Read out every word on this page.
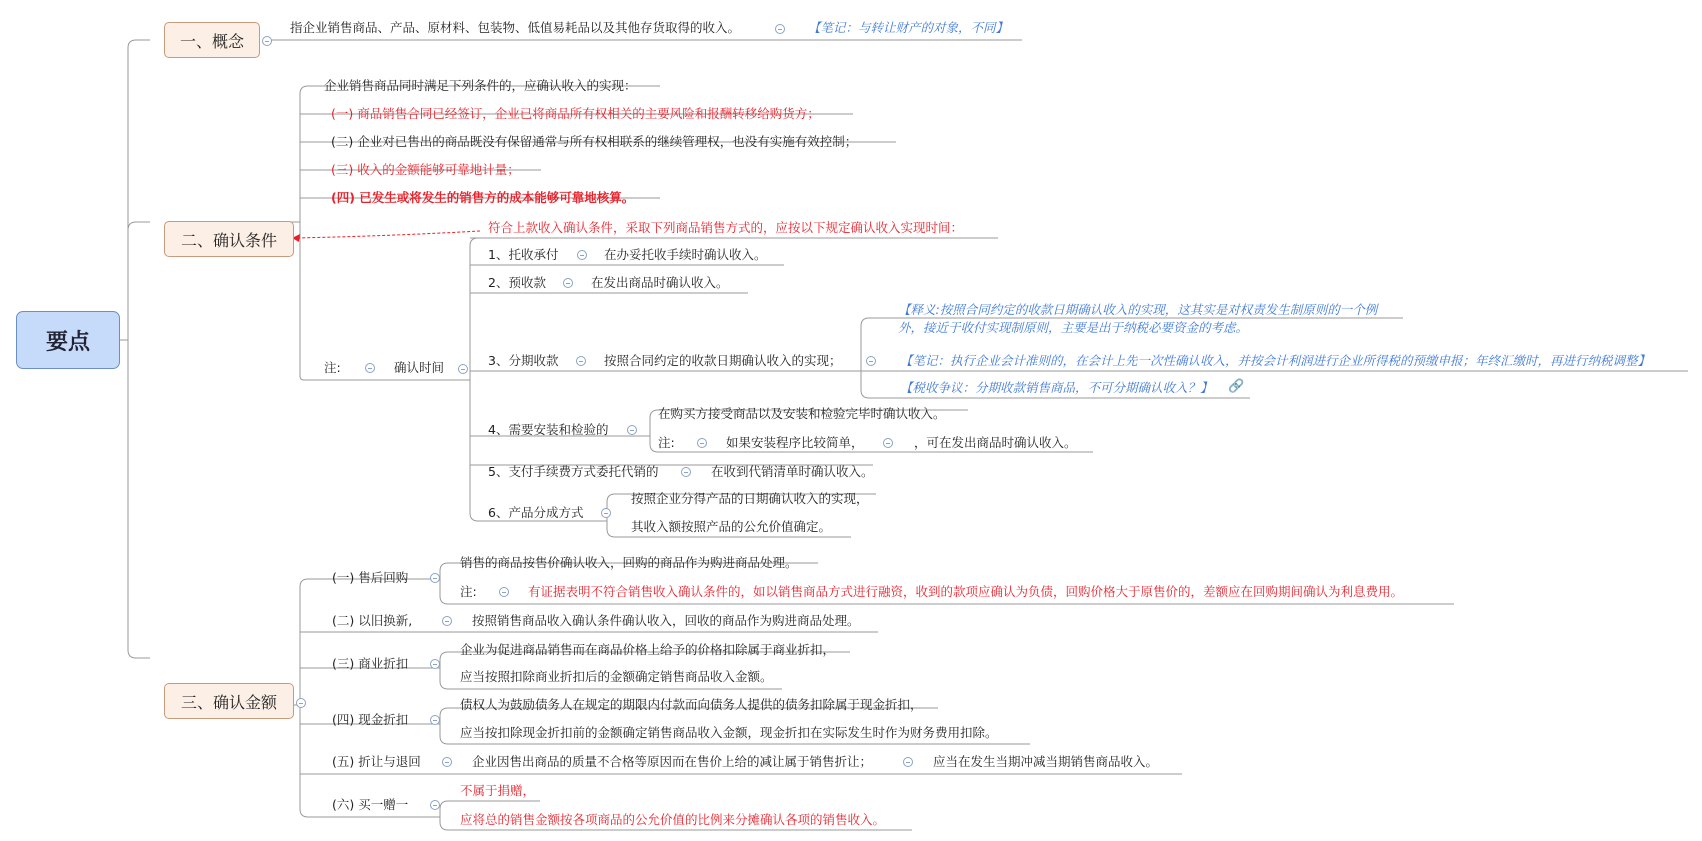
要点
一、概念
指企业销售商品、产品、原材料、包装物、低值易耗品以及其他存货取得的收入。	【笔记：与转让财产的对象，不同】
二、确认条件
企业销售商品同时满足下列条件的，应确认收入的实现：
(一) 商品销售合同已经签订，企业已将商品所有权相关的主要风险和报酬转移给购货方；
(二) 企业对已售出的商品既没有保留通常与所有权相联系的继续管理权，也没有实施有效控制；
(三) 收入的金额能够可靠地计量；
(四) 已发生或将发生的销售方的成本能够可靠地核算。
注:	确认时间
符合上款收入确认条件，采取下列商品销售方式的，应按以下规定确认收入实现时间：
1、托收承付	在办妥托收手续时确认收入。
2、预收款	在发出商品时确认收入。
3、分期收款	按照合同约定的收款日期确认收入的实现；
【释义:按照合同约定的收款日期确认收入的实现，这其实是对权责发生制原则的一个例
外，接近于收付实现制原则，主要是出于纳税必要资金的考虑。
【笔记：执行企业会计准则的，在会计上先一次性确认收入，并按会计利润进行企业所得税的预缴申报；年终汇缴时，再进行纳税调整】
【税收争议：分期收款销售商品，不可分期确认收入？】 🔗
4、需要安装和检验的
在购买方接受商品以及安装和检验完毕时确认收入。
注:	如果安装程序比较简单，	，可在发出商品时确认收入。
5、支付手续费方式委托代销的	在收到代销清单时确认收入。
6、产品分成方式
按照企业分得产品的日期确认收入的实现，
其收入额按照产品的公允价值确定。
三、确认金额
(一) 售后回购
销售的商品按售价确认收入，回购的商品作为购进商品处理。
注:	有证据表明不符合销售收入确认条件的，如以销售商品方式进行融资，收到的款项应确认为负债，回购价格大于原售价的，差额应在回购期间确认为利息费用。
(二) 以旧换新,	按照销售商品收入确认条件确认收入，回收的商品作为购进商品处理。
(三) 商业折扣
企业为促进商品销售而在商品价格上给予的价格扣除属于商业折扣，
应当按照扣除商业折扣后的金额确定销售商品收入金额。
(四) 现金折扣
债权人为鼓励债务人在规定的期限内付款而向债务人提供的债务扣除属于现金折扣，
应当按扣除现金折扣前的金额确定销售商品收入金额，现金折扣在实际发生时作为财务费用扣除。
(五) 折让与退回	企业因售出商品的质量不合格等原因而在售价上给的减让属于销售折让；	应当在发生当期冲减当期销售商品收入。
(六) 买一赠一
不属于捐赠，
应将总的销售金额按各项商品的公允价值的比例来分摊确认各项的销售收入。
